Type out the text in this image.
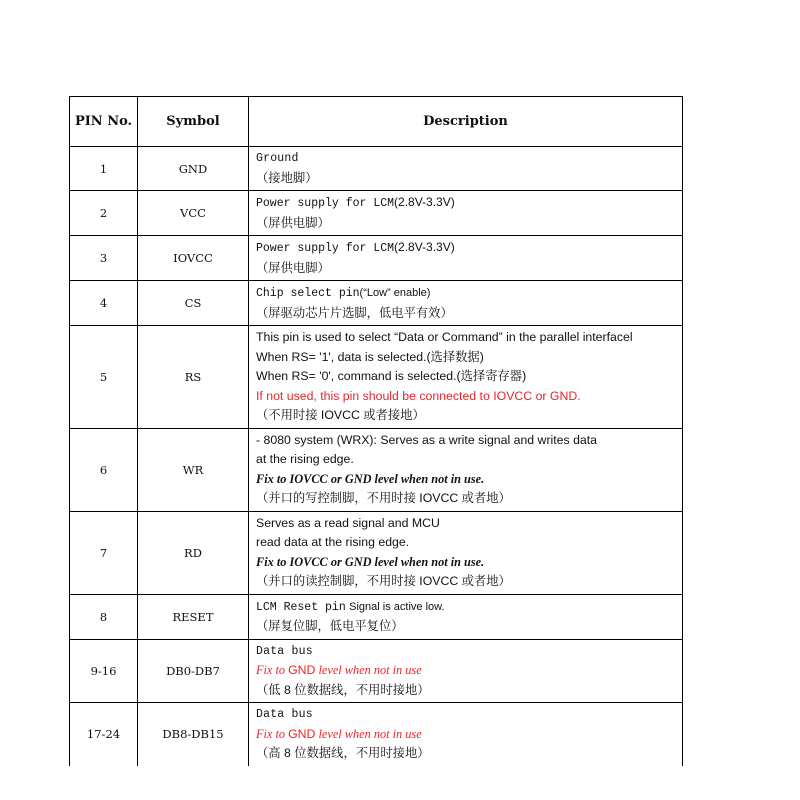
PIN No.	Symbol	Description
1	GND	Ground
（接地脚）

2	VCC	Power supply for LCM(2.8V-3.3V)
（屏供电脚）

3	IOVCC	Power supply for LCM(2.8V-3.3V)
（屏供电脚）

4	CS	Chip select pin(“Low” enable)
（屏驱动芯片片选脚，低电平有效）

5	RS	This pin is used to select “Data or Command” in the parallel interfacel
When RS= '1', data is selected.(选择数据)
When RS= '0', command is selected.(选择寄存器)
If not used, this pin should be connected to IOVCC or GND.
（不用时接 IOVCC 或者接地）

6	WR	- 8080 system (WRX): Serves as a write signal and writes data
at the rising edge.
Fix to IOVCC or GND level when not in use.
（并口的写控制脚，不用时接 IOVCC 或者地）

7	RD	Serves as a read signal and MCU
read data at the rising edge.
Fix to IOVCC or GND level when not in use.
（并口的读控制脚，不用时接 IOVCC 或者地）

8	RESET	LCM Reset pin Signal is active low.
（屏复位脚，低电平复位）

9-16	DB0-DB7	Data bus
Fix to GND level when not in use
（低 8 位数据线，不用时接地）

17-24	DB8-DB15	Data bus
Fix to GND level when not in use
（高 8 位数据线，不用时接地）
